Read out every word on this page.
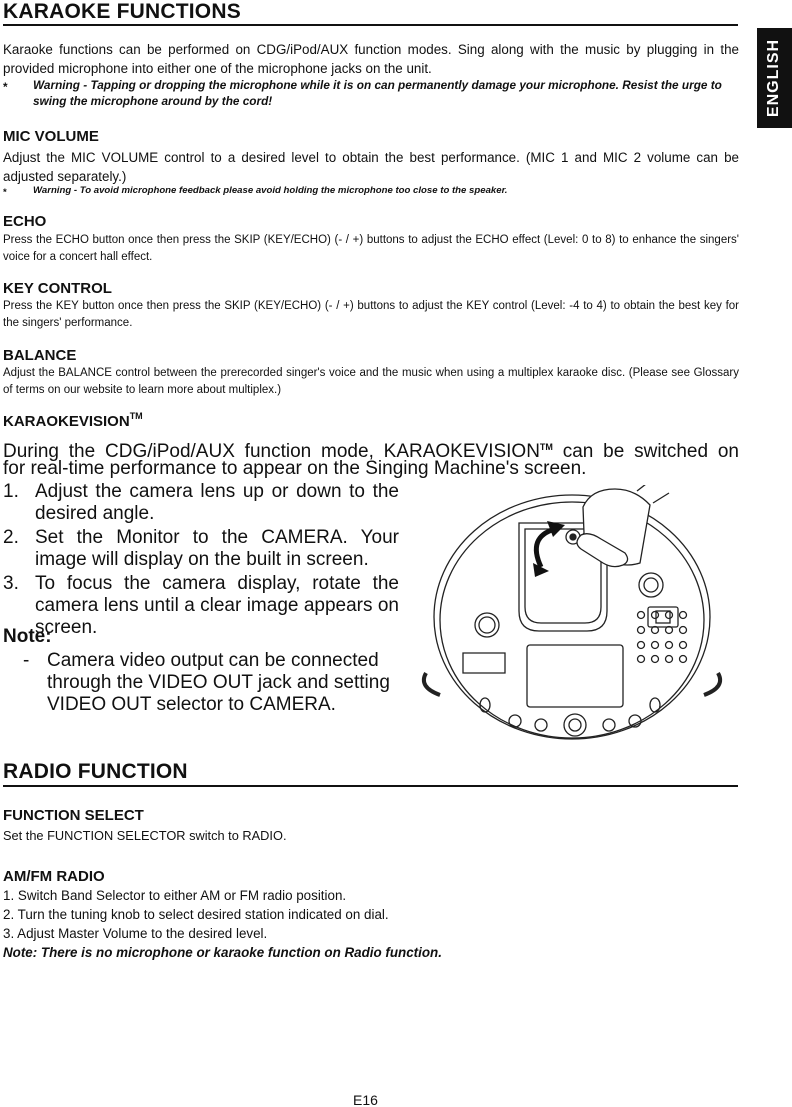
ENGLISH
KARAOKE FUNCTIONS
Karaoke functions can be performed on CDG/iPod/AUX function modes. Sing along with the music by plugging in the provided microphone into either one of the microphone jacks on the unit.
*	Warning - Tapping or dropping the microphone while it is on can permanently damage your microphone. Resist the urge to swing the microphone around by the cord!
MIC VOLUME
Adjust the MIC VOLUME control to a desired level to obtain the best performance. (MIC 1 and MIC 2 volume can be adjusted separately.)
*	Warning - To avoid microphone feedback please avoid holding the microphone too close to the speaker.
ECHO
Press the ECHO button once then press the SKIP (KEY/ECHO) (- / +) buttons to adjust the ECHO effect (Level: 0 to 8) to enhance the singers' voice for a concert hall effect.
KEY CONTROL
Press the KEY button once then press the SKIP (KEY/ECHO) (- / +) buttons to adjust the KEY control (Level: -4 to 4) to obtain the best key for the singers' performance.
BALANCE
Adjust the BALANCE control between the prerecorded singer's voice and the music when using a multiplex karaoke disc. (Please see Glossary of terms on our website to learn more about multiplex.)
KARAOKEVISION™
During the CDG/iPod/AUX function mode, KARAOKEVISION™ can be switched on
for real-time performance to appear on the Singing Machine's screen.
1. Adjust the camera lens up or down to the desired angle.
2. Set the Monitor to the CAMERA. Your image will display on the built in screen.
3. To focus the camera display, rotate the camera lens until a clear image appears on screen.
Note:
- Camera video output can be connected through the VIDEO OUT jack and setting VIDEO OUT selector to CAMERA.
RADIO FUNCTION
FUNCTION SELECT
Set the FUNCTION SELECTOR switch to RADIO.
AM/FM RADIO
1. Switch Band Selector to either AM or FM radio position.
2. Turn the tuning knob to select desired station indicated on dial.
3. Adjust Master Volume to the desired level.
Note: There is no microphone or karaoke function on Radio function.
E16
